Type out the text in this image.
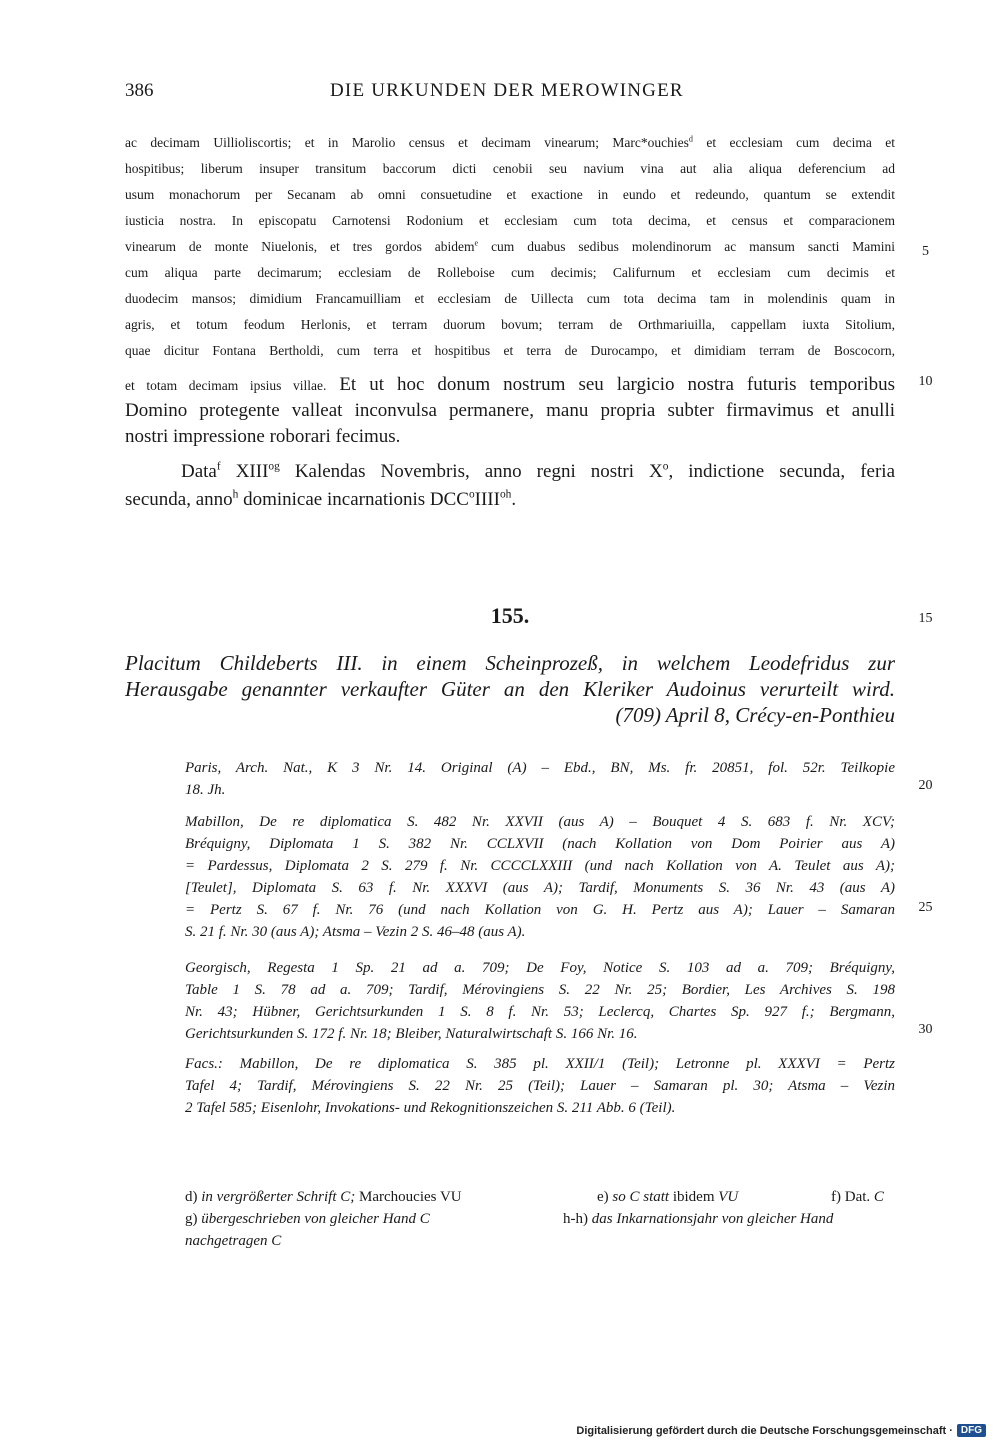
386	DIE URKUNDEN DER MEROWINGER
ac decimam Uillioliscortis; et in Marolio census et decimam vinearum; Marc*ouchies$^d$ et ecclesiam cum decima et
hospitibus; liberum insuper transitum baccorum dicti cenobii seu navium vina aut alia aliqua deferencium ad
usum monachorum per Secanam ab omni consuetudine et exactione in eundo et redeundo, quantum se extendit
iusticia nostra. In episcopatu Carnotensi Rodonium et ecclesiam cum tota decima, et census et comparacionem
vinearum de monte Niuelonis, et tres gordos abidem$^e$ cum duabus sedibus molendinorum ac mansum sancti Mamini
cum aliqua parte decimarum; ecclesiam de Rolleboise cum decimis; Califurnum et ecclesiam cum decimis et
duodecim mansos; dimidium Francamuilliam et ecclesiam de Uillecta cum tota decima tam in molendinis quam in
agris, et totum feodum Herlonis, et terram duorum bovum; terram de Orthmariuilla, cappellam iuxta Sitolium,
quae dicitur Fontana Bertholdi, cum terra et hospitibus et terra de Durocampo, et dimidiam terram de Boscocorn,
et totam decimam ipsius villae. Et ut hoc donum nostrum seu largicio nostra futuris temporibus
Domino protegente valleat inconvulsa permanere, manu propria subter firmavimus et anulli
nostri impressione roborari fecimus.
Data$^f$ $XIII^{og}$ Kalendas Novembris, anno regni nostri $X^o$, indictione secunda, feria
secunda, anno$^h$ dominicae incarnationis $DCC^oIIII^{oh}$.
155.
Placitum Childeberts III. in einem Scheinprozeß, in welchem Leodefridus zur
Herausgabe genannter verkaufter Güter an den Kleriker Audoinus verurteilt wird.
(709) April 8, Crécy-en-Ponthieu
Paris, Arch. Nat., K 3 Nr. 14. Original (A) – Ebd., BN, Ms. fr. 20851, fol. 52r. Teilkopie
18. Jh.
Mabillon, De re diplomatica S. 482 Nr. XXVII (aus A) – Bouquet 4 S. 683 f. Nr. XCV;
Bréquigny, Diplomata 1 S. 382 Nr. CCLXVII (nach Kollation von Dom Poirier aus A)
= Pardessus, Diplomata 2 S. 279 f. Nr. CCCCLXXIII (und nach Kollation von A. Teulet aus A);
[Teulet], Diplomata S. 63 f. Nr. XXXVI (aus A); Tardif, Monuments S. 36 Nr. 43 (aus A)
= Pertz S. 67 f. Nr. 76 (und nach Kollation von G. H. Pertz aus A); Lauer – Samaran
S. 21 f. Nr. 30 (aus A); Atsma – Vezin 2 S. 46–48 (aus A).
Georgisch, Regesta 1 Sp. 21 ad a. 709; De Foy, Notice S. 103 ad a. 709; Bréquigny,
Table 1 S. 78 ad a. 709; Tardif, Mérovingiens S. 22 Nr. 25; Bordier, Les Archives S. 198
Nr. 43; Hübner, Gerichtsurkunden 1 S. 8 f. Nr. 53; Leclercq, Chartes Sp. 927 f.; Bergmann,
Gerichtsurkunden S. 172 f. Nr. 18; Bleiber, Naturalwirtschaft S. 166 Nr. 16.
Facs.: Mabillon, De re diplomatica S. 385 pl. XXII/1 (Teil); Letronne pl. XXXVI = Pertz
Tafel 4; Tardif, Mérovingiens S. 22 Nr. 25 (Teil); Lauer – Samaran pl. 30; Atsma – Vezin
2 Tafel 585; Eisenlohr, Invokations- und Rekognitionszeichen S. 211 Abb. 6 (Teil).
d) in vergrößerter Schrift C; Marchoucies VU	e) so C statt ibidem VU	f) Dat. C
g) übergeschrieben von gleicher Hand C	h-h) das Inkarnationsjahr von gleicher Hand
nachgetragen C
5
10
15
20
25
30
Digitalisierung gefördert durch die Deutsche Forschungsgemeinschaft · DFG
